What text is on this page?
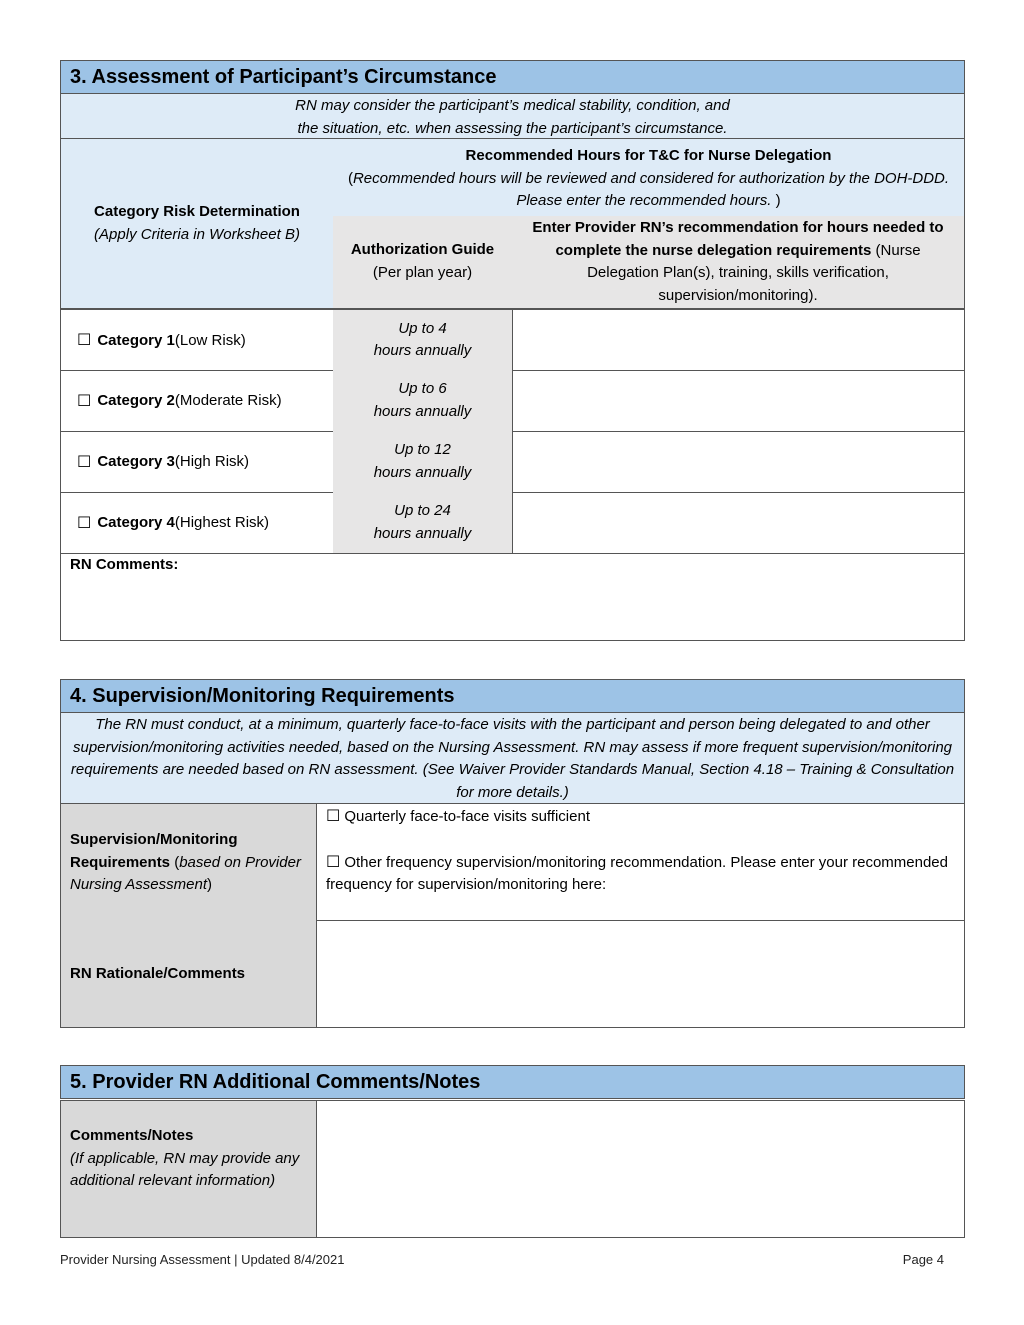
3. Assessment of Participant’s Circumstance
RN may consider the participant’s medical stability, condition, and
the situation, etc. when assessing the participant’s circumstance.
Category Risk Determination
(Apply Criteria in Worksheet B)
Recommended Hours for T&C for Nurse Delegation
(Recommended hours will be reviewed and considered for authorization by the DOH-DDD. Please enter the recommended hours. )
Authorization Guide
(Per plan year)
Enter Provider RN’s recommendation for hours needed to complete the nurse delegation requirements (Nurse Delegation Plan(s), training, skills verification, supervision/monitoring).
☐ Category 1 (Low Risk)
Up to 4
hours annually
☐ Category 2 (Moderate Risk)
Up to 6
hours annually
☐ Category 3 (High Risk)
Up to 12
hours annually
☐ Category 4 (Highest Risk)
Up to 24
hours annually
RN Comments:
4. Supervision/Monitoring Requirements
The RN must conduct, at a minimum, quarterly face-to-face visits with the participant and person being delegated to and other supervision/monitoring activities needed, based on the Nursing Assessment. RN may assess if more frequent supervision/monitoring requirements are needed based on RN assessment. (See Waiver Provider Standards Manual, Section 4.18 – Training & Consultation for more details.)
Supervision/Monitoring Requirements (based on Provider Nursing Assessment)
☐ Quarterly face-to-face visits sufficient
☐ Other frequency supervision/monitoring recommendation. Please enter your recommended frequency for supervision/monitoring here:
RN Rationale/Comments
5. Provider RN Additional Comments/Notes
Comments/Notes
(If applicable, RN may provide any additional relevant information)
Provider Nursing Assessment | Updated 8/4/2021	Page 4
